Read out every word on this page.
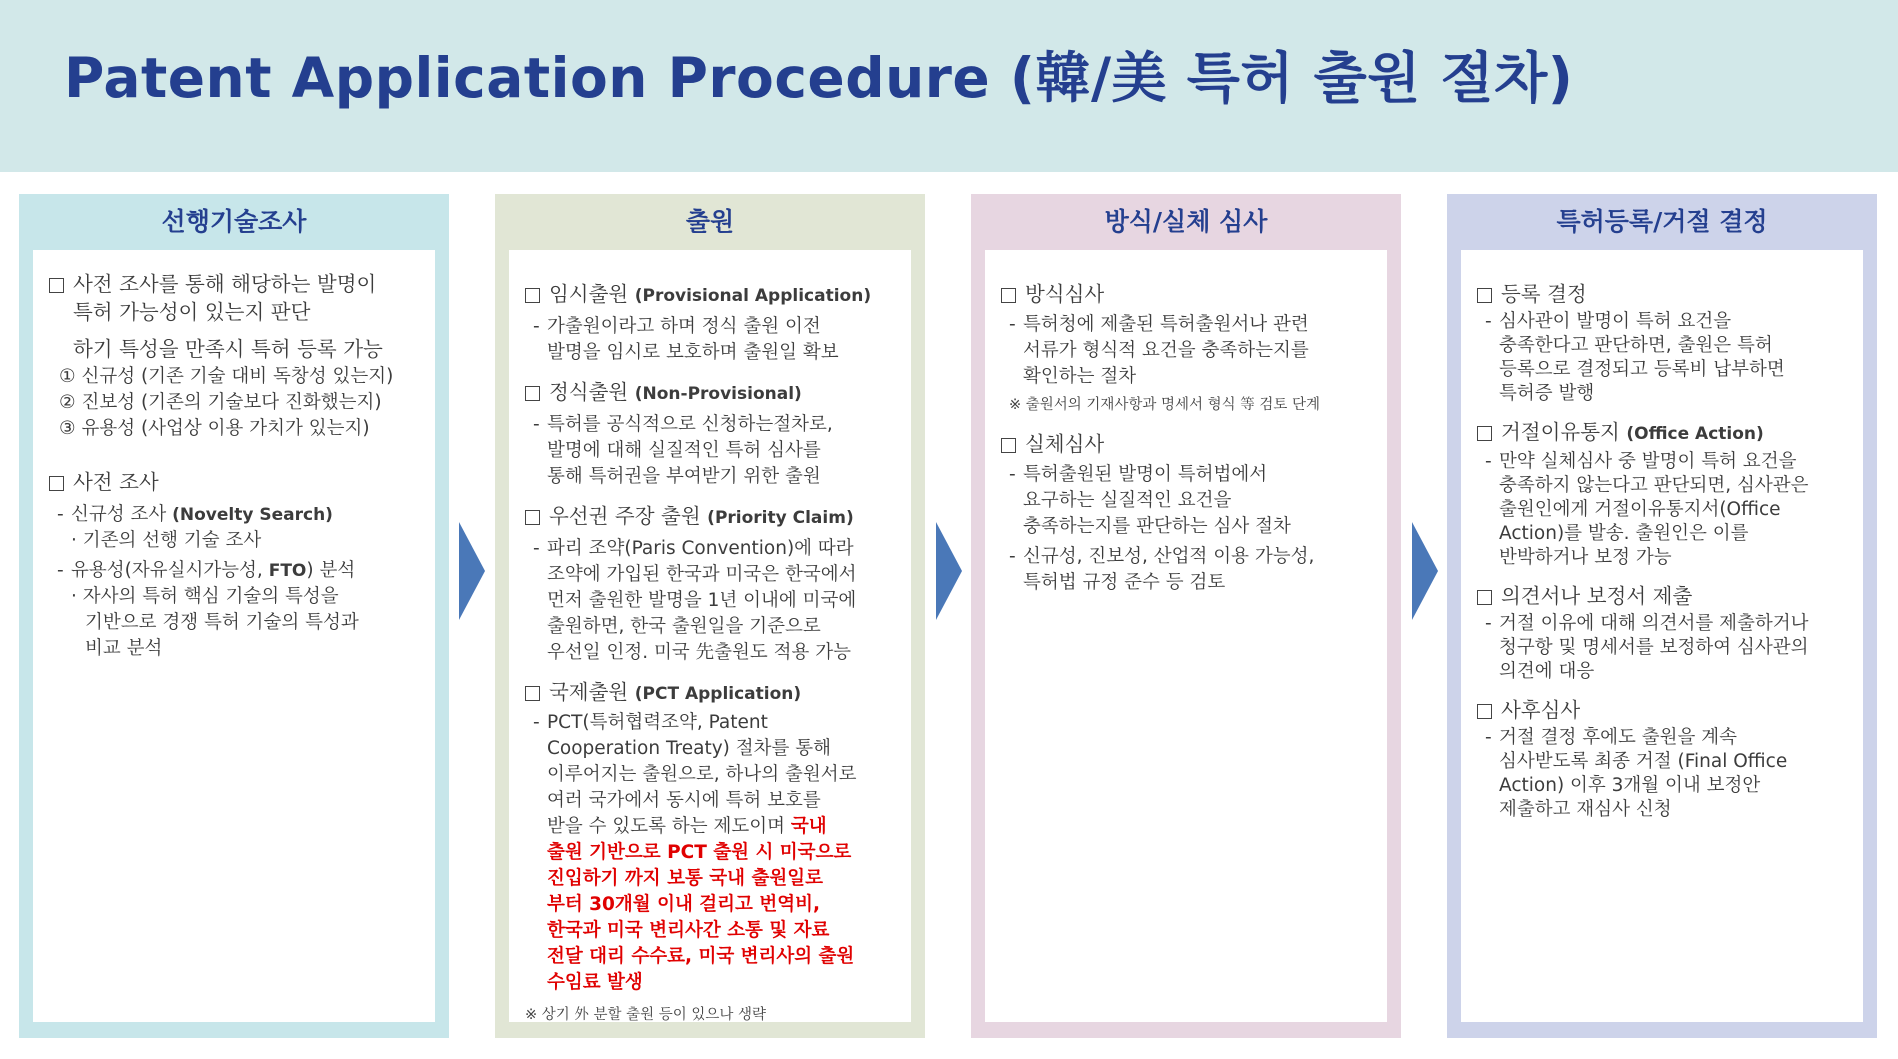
Patent Application Procedure (韓/美 특허 출원 절차)
선행기술조사
사전 조사를 통해 해당하는 발명이
특허 가능성이 있는지 판단
하기 특성을 만족시 특허 등록 가능
① 신규성 (기존 기술 대비 독창성 있는지)
② 진보성 (기존의 기술보다 진화했는지)
③ 유용성 (사업상 이용 가치가 있는지)
사전 조사
- 신규성 조사 (Novelty Search)
· 기존의 선행 기술 조사
- 유용성(자유실시가능성, FTO) 분석
· 자사의 특허 핵심 기술의 특성을
기반으로 경쟁 특허 기술의 특성과
비교 분석
출원
임시출원 (Provisional Application)
- 가출원이라고 하며 정식 출원 이전
발명을 임시로 보호하며 출원일 확보
정식출원 (Non-Provisional)
- 특허를 공식적으로 신청하는절차로,
발명에 대해 실질적인 특허 심사를
통해 특허권을 부여받기 위한 출원
우선권 주장 출원 (Priority Claim)
- 파리 조약(Paris Convention)에 따라
조약에 가입된 한국과 미국은 한국에서
먼저 출원한 발명을 1년 이내에 미국에
출원하면, 한국 출원일을 기준으로
우선일 인정. 미국 先출원도 적용 가능
국제출원 (PCT Application)
- PCT(특허협력조약, Patent
Cooperation Treaty) 절차를 통해
이루어지는 출원으로, 하나의 출원서로
여러 국가에서 동시에 특허 보호를
받을 수 있도록 하는 제도이며 국내
출원 기반으로 PCT 출원 시 미국으로
진입하기 까지 보통 국내 출원일로
부터 30개월 이내 걸리고 번역비,
한국과 미국 변리사간 소통 및 자료
전달 대리 수수료, 미국 변리사의 출원
수임료 발생
※ 상기 外 분할 출원 등이 있으나 생략
방식/실체 심사
방식심사
- 특허청에 제출된 특허출원서나 관련
서류가 형식적 요건을 충족하는지를
확인하는 절차
※ 출원서의 기재사항과 명세서 형식 等 검토 단계
실체심사
- 특허출원된 발명이 특허법에서
요구하는 실질적인 요건을
충족하는지를 판단하는 심사 절차
- 신규성, 진보성, 산업적 이용 가능성,
특허법 규정 준수 등 검토
특허등록/거절 결정
등록 결정
- 심사관이 발명이 특허 요건을
충족한다고 판단하면, 출원은 특허
등록으로 결정되고 등록비 납부하면
특허증 발행
거절이유통지 (Office Action)
- 만약 실체심사 중 발명이 특허 요건을
충족하지 않는다고 판단되면, 심사관은
출원인에게 거절이유통지서(Office
Action)를 발송. 출원인은 이를
반박하거나 보정 가능
의견서나 보정서 제출
- 거절 이유에 대해 의견서를 제출하거나
청구항 및 명세서를 보정하여 심사관의
의견에 대응
사후심사
- 거절 결정 후에도 출원을 계속
심사받도록 최종 거절 (Final Office
Action) 이후 3개월 이내 보정안
제출하고 재심사 신청
